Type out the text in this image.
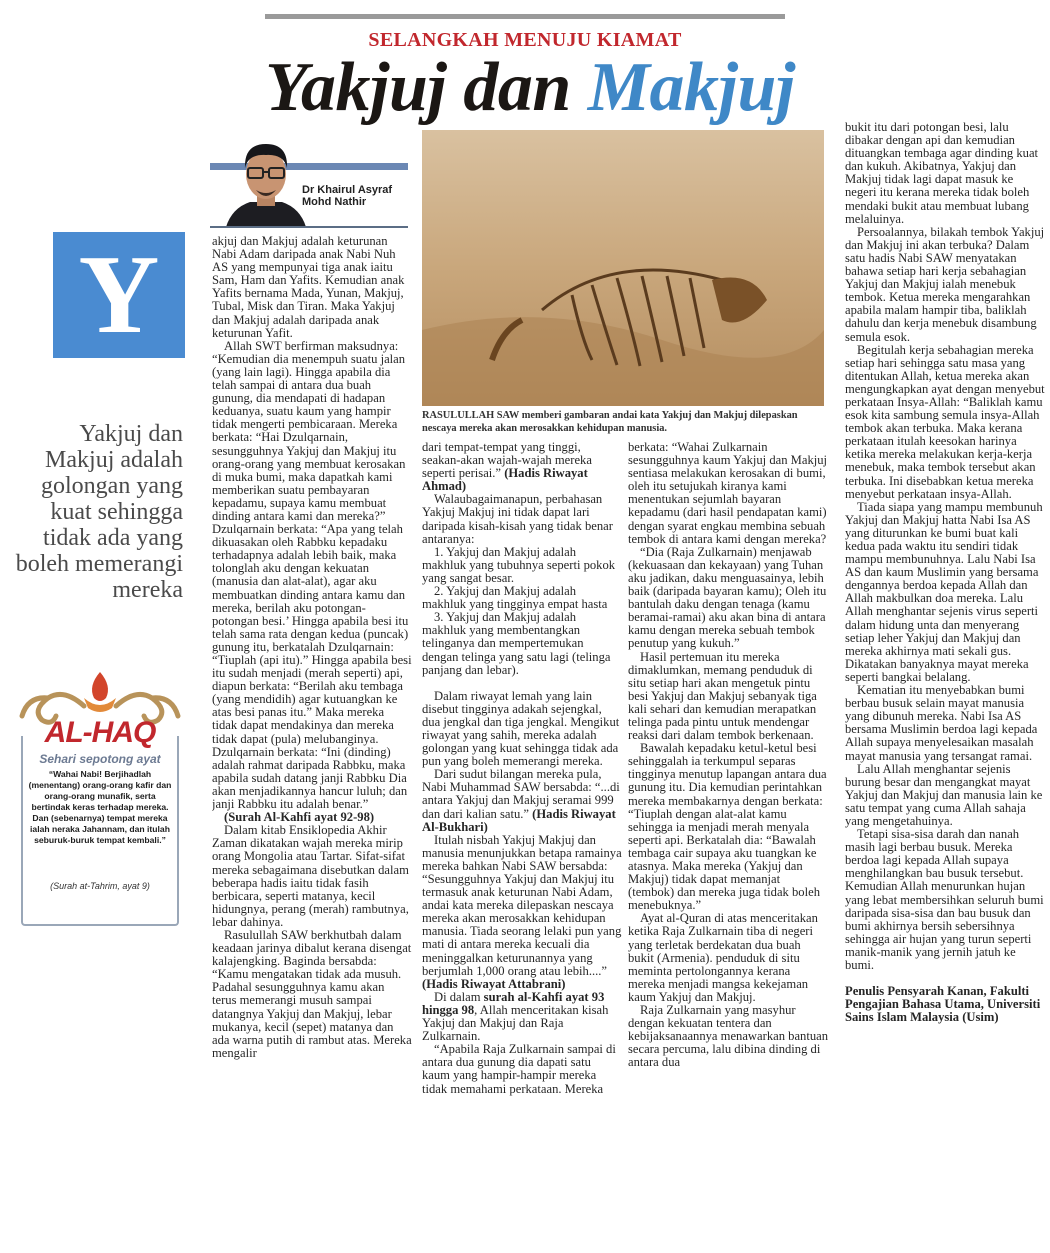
SELANGKAH MENUJU KIAMAT
Yakjuj dan Makjuj
Dr Khairul Asyraf
Mohd Nathir
Y
Yakjuj dan Makjuj adalah golongan yang kuat sehingga tidak ada yang boleh memerangi mereka
AL-HAQ
Sehari sepotong ayat
“Wahai Nabi! Berjihadlah (menentang) orang-orang kafir dan orang-orang munafik, serta bertindak keras terhadap mereka. Dan (sebenarnya) tempat mereka ialah neraka Jahannam, dan itulah seburuk-buruk tempat kembali.”
(Surah at-Tahrim, ayat 9)
RASULULLAH SAW memberi gambaran andai kata Yakjuj dan Makjuj dilepaskan nescaya mereka akan merosakkan kehidupan manusia.

akjuj dan Makjuj adalah keturunan Nabi Adam daripada anak Nabi Nuh AS yang mempunyai tiga anak iaitu Sam, Ham dan Yafits. Kemudian anak Yafits bernama Mada, Yunan, Makjuj, Tubal, Misk dan Tiran. Maka Yakjuj dan Makjuj adalah daripada anak keturunan Yafit.

Allah SWT berfirman maksudnya: “Kemudian dia menempuh suatu jalan (yang lain lagi). Hingga apabila dia telah sampai di antara dua buah gunung, dia mendapati di hadapan keduanya, suatu kaum yang hampir tidak mengerti pembicaraan. Mereka berkata: “Hai Dzulqarnain, sesungguhnya Yakjuj dan Makjuj itu orang-orang yang membuat kerosakan di muka bumi, maka dapatkah kami memberikan suatu pembayaran kepadamu, supaya kamu membuat dinding antara kami dan mereka?” Dzulqarnain berkata: “Apa yang telah dikuasakan oleh Rabbku kepadaku terhadapnya adalah lebih baik, maka tolonglah aku dengan kekuatan (manusia dan alat-alat), agar aku membuatkan dinding antara kamu dan mereka, berilah aku potongan-potongan besi.’ Hingga apabila besi itu telah sama rata dengan kedua (puncak) gunung itu, berkatalah Dzulqarnain: “Tiuplah (api itu).” Hingga apabila besi itu sudah menjadi (merah seperti) api, diapun berkata: “Berilah aku tembaga (yang mendidih) agar kutuangkan ke atas besi panas itu.” Maka mereka tidak dapat mendakinya dan mereka tidak dapat (pula) melubanginya. Dzulqarnain berkata: “Ini (dinding) adalah rahmat daripada Rabbku, maka apabila sudah datang janji Rabbku Dia akan menjadikannya hancur luluh; dan janji Rabbku itu adalah benar.”

(Surah Al-Kahfi ayat 92-98)

Dalam kitab Ensiklopedia Akhir Zaman dikatakan wajah mereka mirip orang Mongolia atau Tartar. Sifat-sifat mereka sebagaimana disebutkan dalam beberapa hadis iaitu tidak fasih berbicara, seperti matanya, kecil hidungnya, perang (merah) rambutnya, lebar dahinya.

Rasulullah SAW berkhutbah dalam keadaan jarinya dibalut kerana disengat kalajengking. Baginda bersabda: “Kamu mengatakan tidak ada musuh. Padahal sesungguhnya kamu akan terus memerangi musuh sampai datangnya Yakjuj dan Makjuj, lebar mukanya, kecil (sepet) matanya dan ada warna putih di rambut atas. Mereka mengalir

dari tempat-tempat yang tinggi, seakan-akan wajah-wajah mereka seperti perisai.” (Hadis Riwayat Ahmad)

Walaubagaimanapun, perbahasan Yakjuj Makjuj ini tidak dapat lari daripada kisah-kisah yang tidak benar antaranya:

1. Yakjuj dan Makjuj adalah makhluk yang tubuhnya seperti pokok yang sangat besar.

2. Yakjuj dan Makjuj adalah makhluk yang tingginya empat hasta

3. Yakjuj dan Makjuj adalah makhluk yang membentangkan telinganya dan mempertemukan dengan telinga yang satu lagi (telinga panjang dan lebar).

Dalam riwayat lemah yang lain disebut tingginya adakah sejengkal, dua jengkal dan tiga jengkal. Mengikut riwayat yang sahih, mereka adalah golongan yang kuat sehingga tidak ada pun yang boleh memerangi mereka.

Dari sudut bilangan mereka pula, Nabi Muhammad SAW bersabda: “...di antara Yakjuj dan Makjuj seramai 999 dan dari kalian satu.” (Hadis Riwayat Al-Bukhari)

Itulah nisbah Yakjuj Makjuj dan manusia menunjukkan betapa ramainya mereka bahkan Nabi SAW bersabda: “Sesungguhnya Yakjuj dan Makjuj itu termasuk anak keturunan Nabi Adam, andai kata mereka dilepaskan nescaya mereka akan merosakkan kehidupan manusia. Tiada seorang lelaki pun yang mati di antara mereka kecuali dia meninggalkan keturunannya yang berjumlah 1,000 orang atau lebih....” (Hadis Riwayat Attabrani)

Di dalam surah al-Kahfi ayat 93 hingga 98, Allah menceritakan kisah Yakjuj dan Makjuj dan Raja Zulkarnain.

“Apabila Raja Zulkarnain sampai di antara dua gunung dia dapati satu kaum yang hampir-hampir mereka tidak memahami perkataan. Mereka

berkata: “Wahai Zulkarnain sesungguhnya kaum Yakjuj dan Makjuj sentiasa melakukan kerosakan di bumi, oleh itu setujukah kiranya kami menentukan sejumlah bayaran kepadamu (dari hasil pendapatan kami) dengan syarat engkau membina sebuah tembok di antara kami dengan mereka?

“Dia (Raja Zulkarnain) menjawab (kekuasaan dan kekayaan) yang Tuhan aku jadikan, daku menguasainya, lebih baik (daripada bayaran kamu); Oleh itu bantulah daku dengan tenaga (kamu beramai-ramai) aku akan bina di antara kamu dengan mereka sebuah tembok penutup yang kukuh.”

Hasil pertemuan itu mereka dimaklumkan, memang penduduk di situ setiap hari akan mengetuk pintu besi Yakjuj dan Makjuj sebanyak tiga kali sehari dan kemudian merapatkan telinga pada pintu untuk mendengar reaksi dari dalam tembok berkenaan.

Bawalah kepadaku ketul-ketul besi sehinggalah ia terkumpul separas tingginya menutup lapangan antara dua gunung itu. Dia kemudian perintahkan mereka membakarnya dengan berkata: “Tiuplah dengan alat-alat kamu sehingga ia menjadi merah menyala seperti api. Berkatalah dia: “Bawalah tembaga cair supaya aku tuangkan ke atasnya. Maka mereka (Yakjuj dan Makjuj) tidak dapat memanjat (tembok) dan mereka juga tidak boleh menebuknya.”

Ayat al-Quran di atas menceritakan ketika Raja Zulkarnain tiba di negeri yang terletak berdekatan dua buah bukit (Armenia). penduduk di situ meminta pertolongannya kerana mereka menjadi mangsa kekejaman kaum Yakjuj dan Makjuj.

Raja Zulkarnain yang masyhur dengan kekuatan tentera dan kebijaksanaannya menawarkan bantuan secara percuma, lalu dibina dinding di antara dua

bukit itu dari potongan besi, lalu dibakar dengan api dan kemudian dituangkan tembaga agar dinding kuat dan kukuh. Akibatnya, Yakjuj dan Makjuj tidak lagi dapat masuk ke negeri itu kerana mereka tidak boleh mendaki bukit atau membuat lubang melaluinya.

Persoalannya, bilakah tembok Yakjuj dan Makjuj ini akan terbuka? Dalam satu hadis Nabi SAW menyatakan bahawa setiap hari kerja sebahagian Yakjuj dan Makjuj ialah menebuk tembok. Ketua mereka mengarahkan apabila malam hampir tiba, baliklah dahulu dan kerja menebuk disambung semula esok.

Begitulah kerja sebahagian mereka setiap hari sehingga satu masa yang ditentukan Allah, ketua mereka akan mengungkapkan ayat dengan menyebut perkataan Insya-Allah: “Baliklah kamu esok kita sambung semula insya-Allah tembok akan terbuka. Maka kerana perkataan itulah keesokan harinya ketika mereka melakukan kerja-kerja menebuk, maka tembok tersebut akan terbuka. Ini disebabkan ketua mereka menyebut perkataan insya-Allah.

Tiada siapa yang mampu membunuh Yakjuj dan Makjuj hatta Nabi Isa AS yang diturunkan ke bumi buat kali kedua pada waktu itu sendiri tidak mampu membunuhnya. Lalu Nabi Isa AS dan kaum Muslimin yang bersama dengannya berdoa kepada Allah dan Allah makbulkan doa mereka. Lalu Allah menghantar sejenis virus seperti dalam hidung unta dan menyerang setiap leher Yakjuj dan Makjuj dan mereka akhirnya mati sekali gus. Dikatakan banyaknya mayat mereka seperti bangkai belalang.

Kematian itu menyebabkan bumi berbau busuk selain mayat manusia yang dibunuh mereka. Nabi Isa AS bersama Muslimin berdoa lagi kepada Allah supaya menyelesaikan masalah mayat manusia yang tersangat ramai.

Lalu Allah menghantar sejenis burung besar dan mengangkat mayat Yakjuj dan Makjuj dan manusia lain ke satu tempat yang cuma Allah sahaja yang mengetahuinya.

Tetapi sisa-sisa darah dan nanah masih lagi berbau busuk. Mereka berdoa lagi kepada Allah supaya menghilangkan bau busuk tersebut. Kemudian Allah menurunkan hujan yang lebat membersihkan seluruh bumi daripada sisa-sisa dan bau busuk dan bumi akhirnya bersih sebersihnya sehingga air hujan yang turun seperti manik-manik yang jernih jatuh ke bumi.

Penulis Pensyarah Kanan, Fakulti Pengajian Bahasa Utama, Universiti Sains Islam Malaysia (Usim)
